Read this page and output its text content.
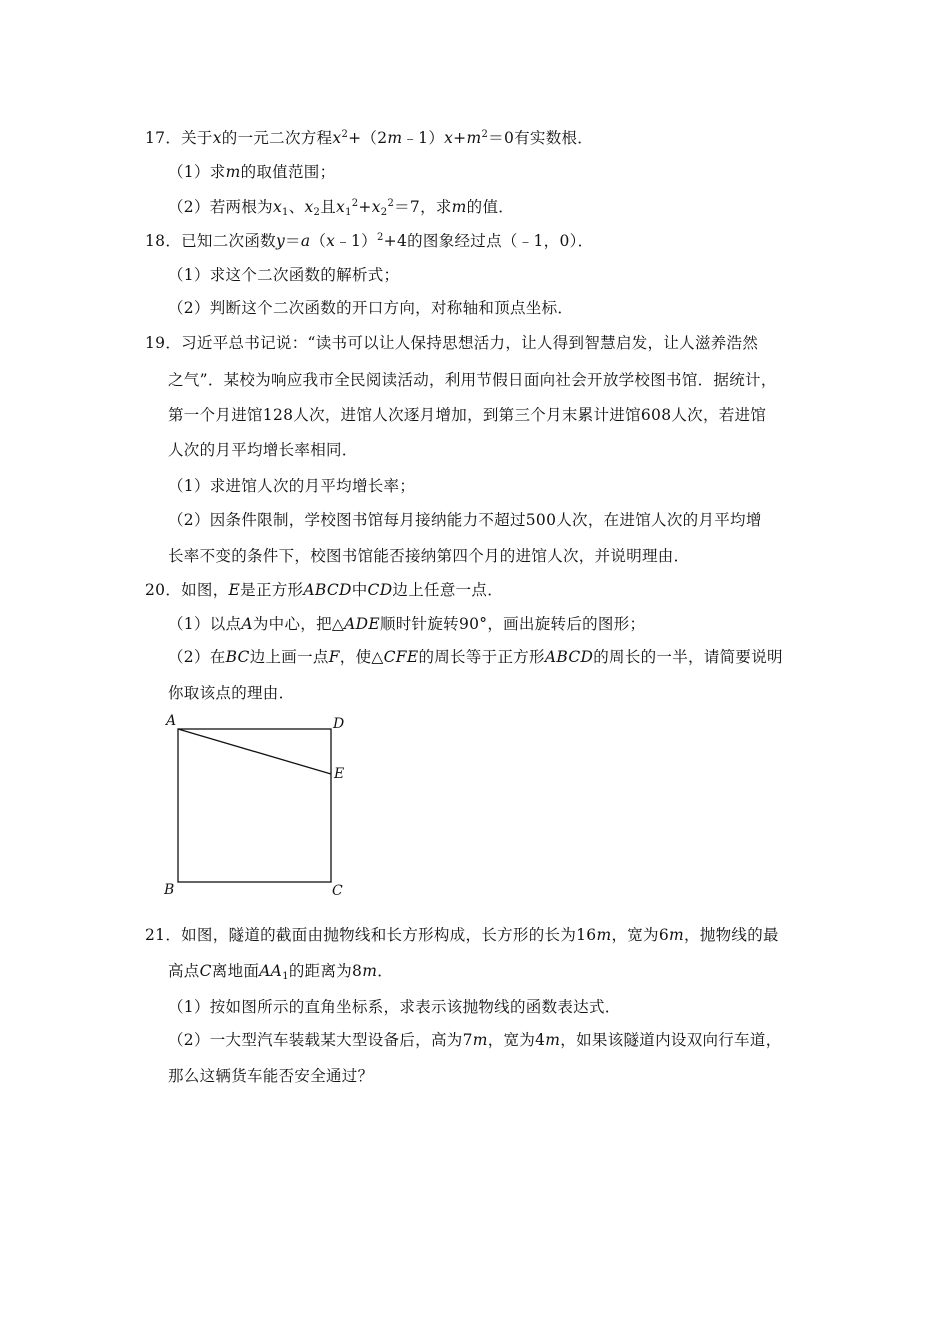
17．关于x的一元二次方程$x^2+(2m﹣1)x+m^2=0$有实数根．
（1）求m的取值范围；
（2）若两根为$x_1$、$x_2$且$x_1^2+x_2^2=7$，求m的值．
18．已知二次函数y＝a（x﹣1）$^2$+4的图象经过点（﹣1，0）．
（1）求这个二次函数的解析式；
（2）判断这个二次函数的开口方向，对称轴和顶点坐标．
19．习近平总书记说：“读书可以让人保持思想活力，让人得到智慧启发，让人滋养浩然
之气”．某校为响应我市全民阅读活动，利用节假日面向社会开放学校图书馆．据统计，
第一个月进馆128人次，进馆人次逐月增加，到第三个月末累计进馆608人次，若进馆
人次的月平均增长率相同．
（1）求进馆人次的月平均增长率；
（2）因条件限制，学校图书馆每月接纳能力不超过500人次，在进馆人次的月平均增
长率不变的条件下，校图书馆能否接纳第四个月的进馆人次，并说明理由．
20．如图，E是正方形ABCD中CD边上任意一点．
（1）以点A为中心，把△ADE顺时针旋转90°，画出旋转后的图形；
（2）在BC边上画一点F，使△CFE的周长等于正方形ABCD的周长的一半，请简要说明
你取该点的理由．
A	D
E
B	C
21．如图，隧道的截面由抛物线和长方形构成，长方形的长为16m，宽为6m，抛物线的最
高点C离地面$AA_1$的距离为8m．
（1）按如图所示的直角坐标系，求表示该抛物线的函数表达式．
（2）一大型汽车装载某大型设备后，高为7m，宽为4m，如果该隧道内设双向行车道，
那么这辆货车能否安全通过？
